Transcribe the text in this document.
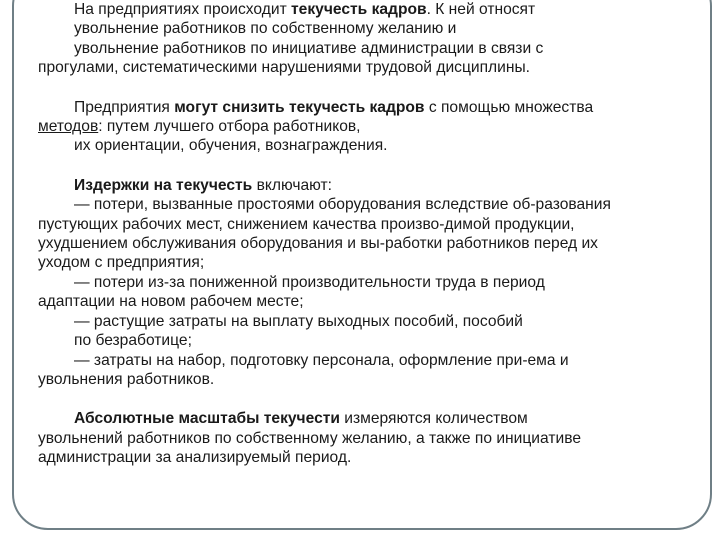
На предприятиях происходит текучесть кадров. К ней относят

увольнение работников по собственному желанию и

увольнение работников по инициативе администрации в связи с

прогулами, систематическими нарушениями трудовой дисциплины.

Предприятия могут снизить текучесть кадров с помощью множества

методов: путем лучшего отбора работников,

их ориентации, обучения, вознаграждения.

Издержки на текучесть включают:

— потери, вызванные простоями оборудования вследствие об-разования

пустующих рабочих мест, снижением качества произво-димой продукции,

ухудшением обслуживания оборудования и вы-работки работников перед их

уходом с предприятия;

— потери из-за пониженной производительности труда в период

адаптации на новом рабочем месте;

— растущие затраты на выплату выходных пособий, пособий

по безработице;

— затраты на набор, подготовку персонала, оформление при-ема и

увольнения работников.

Абсолютные масштабы текучести измеряются количеством

увольнений работников по собственному желанию, а также по инициативе

администрации за анализируемый период.
